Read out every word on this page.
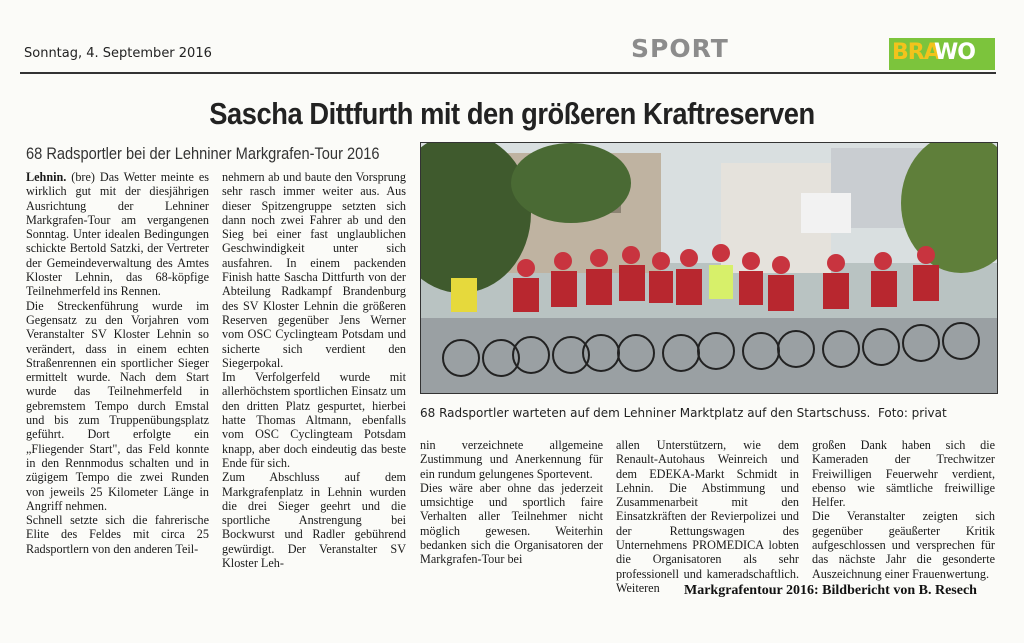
Sonntag, 4. September 2016	SPORT	BRA
WO
Sascha Dittfurth mit den größeren Kraftreserven
68 Radsportler bei der Lehniner Markgrafen-Tour 2016
Lehnin. (bre) Das Wetter meinte es wirklich gut mit der diesjährigen Ausrichtung der Lehniner Markgrafen-Tour am vergangenen Sonntag. Unter idealen Bedingungen schickte Bertold Satzki, der Vertreter der Gemeindeverwaltung des Amtes Kloster Lehnin, das 68-köpfige Teilnehmerfeld ins Rennen.
Die Streckenführung wurde im Gegensatz zu den Vorjahren vom Veranstalter SV Kloster Lehnin so verändert, dass in einem echten Straßenrennen ein sportlicher Sieger ermittelt wurde. Nach dem Start wurde das Teilnehmerfeld in gebremstem Tempo durch Emstal und bis zum Truppenübungsplatz geführt. Dort erfolgte ein „Fliegender Start", das Feld konnte in den Rennmodus schalten und in zügigem Tempo die zwei Runden von jeweils 25 Kilometer Länge in Angriff nehmen.
Schnell setzte sich die fahrerische Elite des Feldes mit circa 25 Radsportlern von den anderen Teil-
nehmern ab und baute den Vorsprung sehr rasch immer weiter aus. Aus dieser Spitzengruppe setzten sich dann noch zwei Fahrer ab und den Sieg bei einer fast unglaublichen Geschwindigkeit unter sich ausfahren. In einem packenden Finish hatte Sascha Dittfurth von der Abteilung Radkampf Brandenburg des SV Kloster Lehnin die größeren Reserven gegenüber Jens Werner vom OSC Cyclingteam Potsdam und sicherte sich verdient den Siegerpokal.
Im Verfolgerfeld wurde mit allerhöchstem sportlichen Einsatz um den dritten Platz gespurtet, hierbei hatte Thomas Altmann, ebenfalls vom OSC Cyclingteam Potsdam knapp, aber doch eindeutig das beste Ende für sich.
Zum Abschluss auf dem Markgrafenplatz in Lehnin wurden die drei Sieger geehrt und die sportliche Anstrengung bei Bockwurst und Radler gebührend gewürdigt. Der Veranstalter SV Kloster Leh-
68 Radsportler warteten auf dem Lehniner Marktplatz auf den Startschuss. Foto: privat
nin verzeichnete allgemeine Zustimmung und Anerkennung für ein rundum gelungenes Sportevent.
Dies wäre aber ohne das jederzeit umsichtige und sportlich faire Verhalten aller Teilnehmer nicht möglich gewesen. Weiterhin bedanken sich die Organisatoren der Markgrafen-Tour bei
allen Unterstützern, wie dem Renault-Autohaus Weinreich und dem EDEKA-Markt Schmidt in Lehnin. Die Abstimmung und Zusammenarbeit mit den Einsatzkräften der Revierpolizei und der Rettungswagen des Unternehmens PROMEDICA lobten die Organisatoren als sehr professionell und kameradschaftlich. Weiteren
großen Dank haben sich die Kameraden der Trechwitzer Freiwilligen Feuerwehr verdient, ebenso wie sämtliche freiwillige Helfer.
Die Veranstalter zeigten sich gegenüber geäußerter Kritik aufgeschlossen und versprechen für das nächste Jahr die gesonderte Auszeichnung einer Frauenwertung.
Markgrafentour 2016: Bildbericht von B. Resech
